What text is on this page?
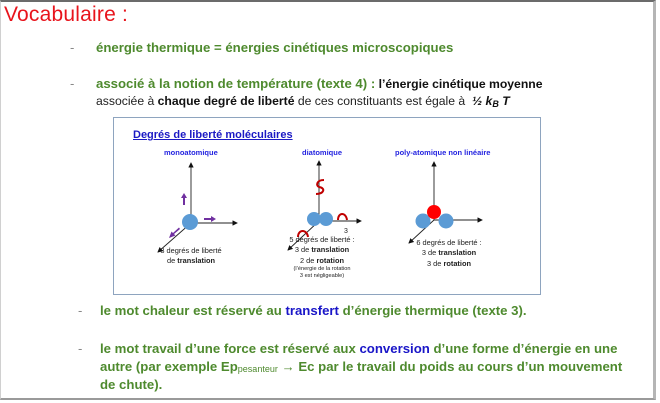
Vocabulaire :
- énergie thermique = énergies cinétiques microscopiques
- associé à la notion de température (texte 4) : l’énergie cinétique moyenne
associée à chaque degré de liberté de ces constituants est égale à  ½ $k_B$ T
Degrés de liberté moléculaires
monoatomique
3 degrés de liberté
de translation
diatomique
3
5 degrés de liberté :
3 de translation
2 de rotation
(l’énergie de la rotation
3 est négligeable)
poly-atomique non linéaire
6 degrés de liberté :
3 de translation
3 de rotation
- le mot chaleur est réservé au transfert d’énergie thermique (texte 3).
- le mot travail d’une force est réservé aux conversion d’une forme d’énergie en une
autre (par exemple Eppesanteur → Ec par le travail du poids au cours d’un mouvement
de chute).
